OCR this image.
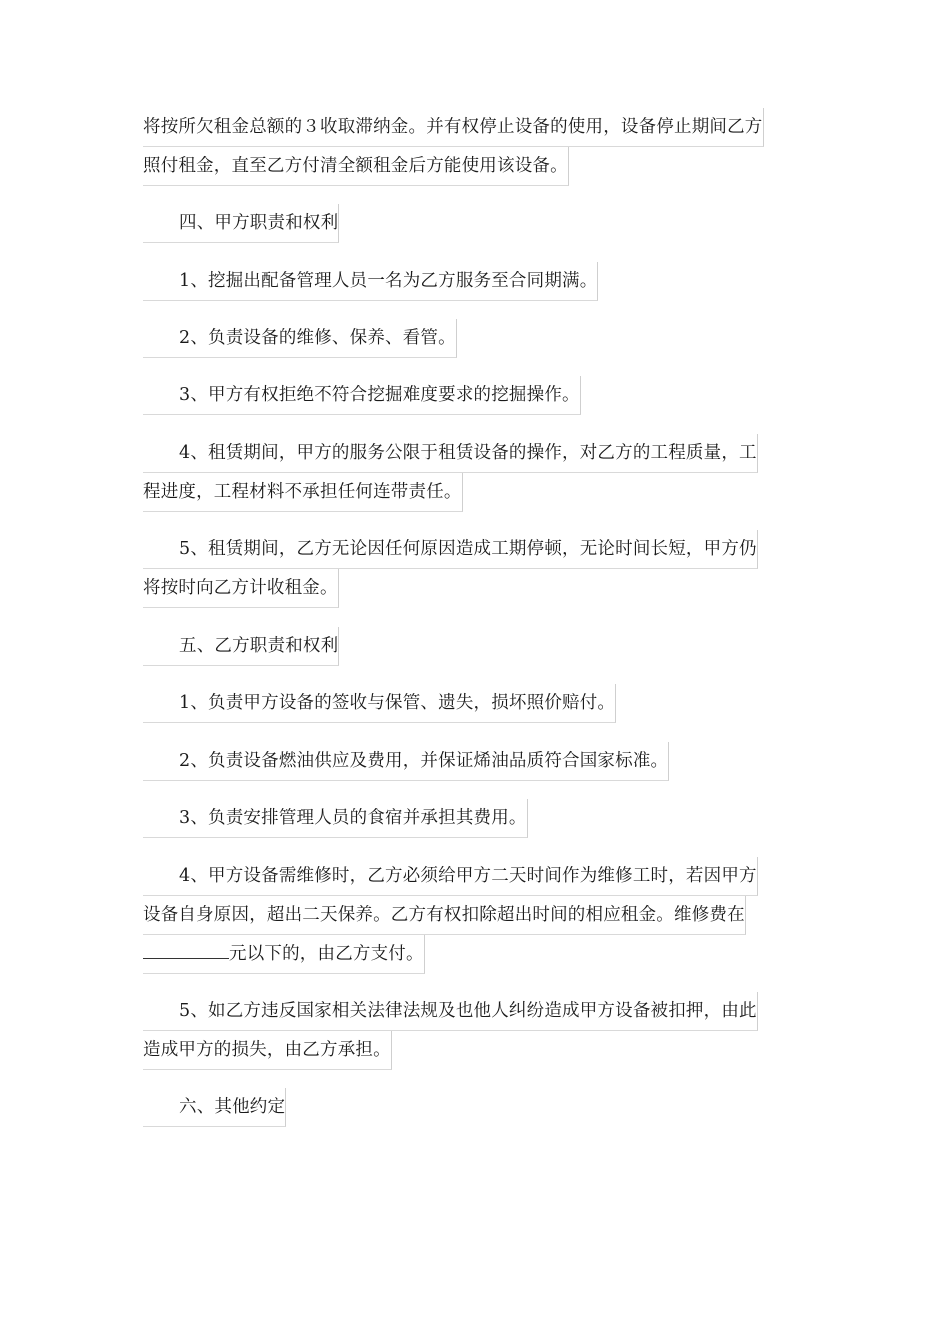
将按所欠租金总额的３收取滞纳金。并有权停止设备的使用，设备停止期间乙方
照付租金，直至乙方付清全额租金后方能使用该设备。
四、甲方职责和权利
1、挖掘出配备管理人员一名为乙方服务至合同期满。
2、负责设备的维修、保养、看管。
3、甲方有权拒绝不符合挖掘难度要求的挖掘操作。
4、租赁期间，甲方的服务公限于租赁设备的操作，对乙方的工程质量，工
程进度，工程材料不承担任何连带责任。
5、租赁期间，乙方无论因任何原因造成工期停顿，无论时间长短，甲方仍
将按时向乙方计收租金。
五、乙方职责和权利
1、负责甲方设备的签收与保管、遗失，损坏照价赔付。
2、负责设备燃油供应及费用，并保证烯油品质符合国家标准。
3、负责安排管理人员的食宿并承担其费用。
4、甲方设备需维修时，乙方必须给甲方二天时间作为维修工时，若因甲方
设备自身原因，超出二天保养。乙方有权扣除超出时间的相应租金。维修费在
元以下的，由乙方支付。
5、如乙方违反国家相关法律法规及也他人纠纷造成甲方设备被扣押，由此
造成甲方的损失，由乙方承担。
六、其他约定
